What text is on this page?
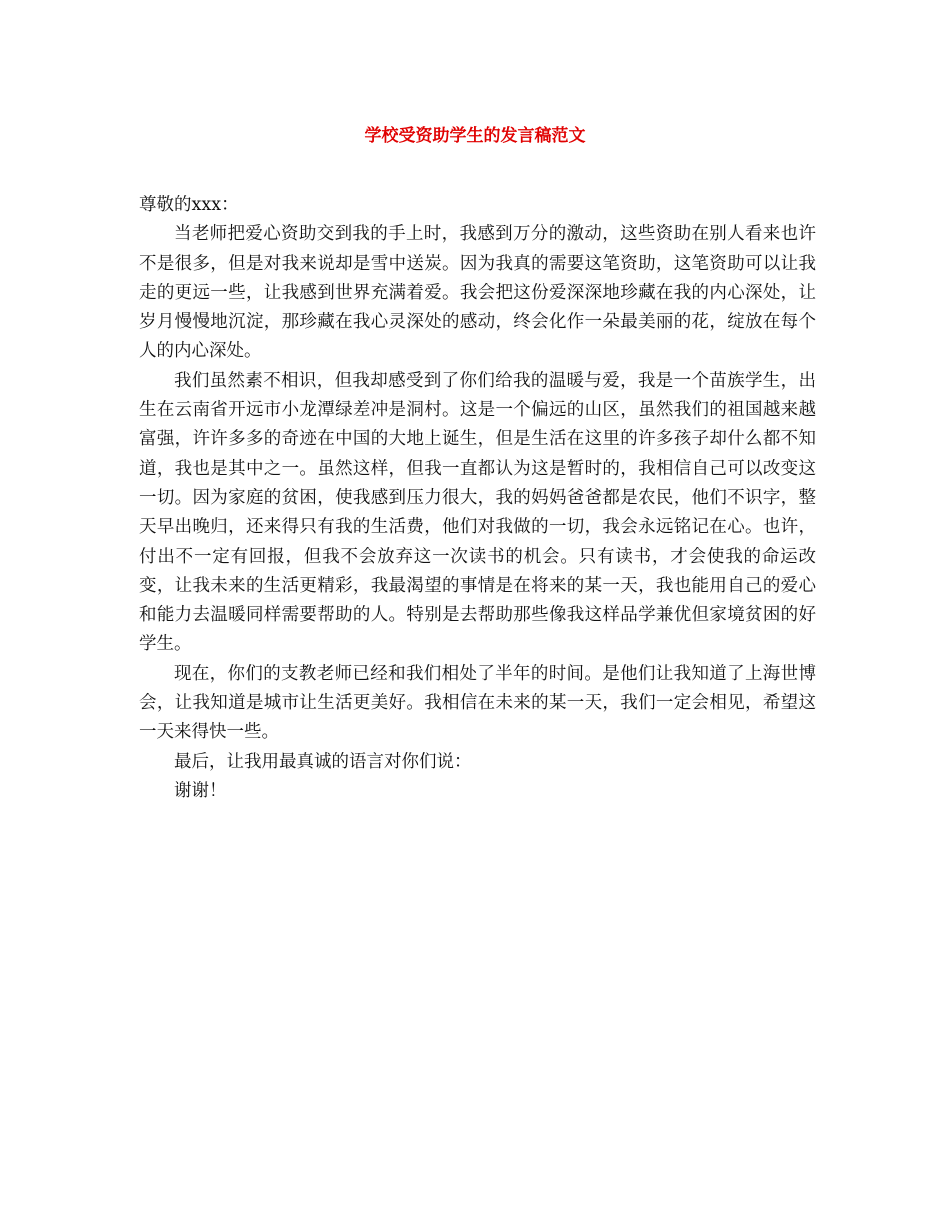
学校受资助学生的发言稿范文

尊敬的xxx：

当老师把爱心资助交到我的手上时，我感到万分的激动，这些资助在别人看来也许不是很多，但是对我来说却是雪中送炭。因为我真的需要这笔资助，这笔资助可以让我走的更远一些，让我感到世界充满着爱。我会把这份爱深深地珍藏在我的内心深处，让岁月慢慢地沉淀，那珍藏在我心灵深处的感动，终会化作一朵最美丽的花，绽放在每个人的内心深处。

我们虽然素不相识，但我却感受到了你们给我的温暖与爱，我是一个苗族学生，出生在云南省开远市小龙潭绿差冲是洞村。这是一个偏远的山区，虽然我们的祖国越来越富强，许许多多的奇迹在中国的大地上诞生，但是生活在这里的许多孩子却什么都不知道，我也是其中之一。虽然这样，但我一直都认为这是暂时的，我相信自己可以改变这一切。因为家庭的贫困，使我感到压力很大，我的妈妈爸爸都是农民，他们不识字，整天早出晚归，还来得只有我的生活费，他们对我做的一切，我会永远铭记在心。也许，付出不一定有回报，但我不会放弃这一次读书的机会。只有读书，才会使我的命运改变，让我未来的生活更精彩，我最渴望的事情是在将来的某一天，我也能用自己的爱心和能力去温暖同样需要帮助的人。特别是去帮助那些像我这样品学兼优但家境贫困的好学生。

现在，你们的支教老师已经和我们相处了半年的时间。是他们让我知道了上海世博会，让我知道是城市让生活更美好。我相信在未来的某一天，我们一定会相见，希望这一天来得快一些。

最后，让我用最真诚的语言对你们说：

谢谢！
